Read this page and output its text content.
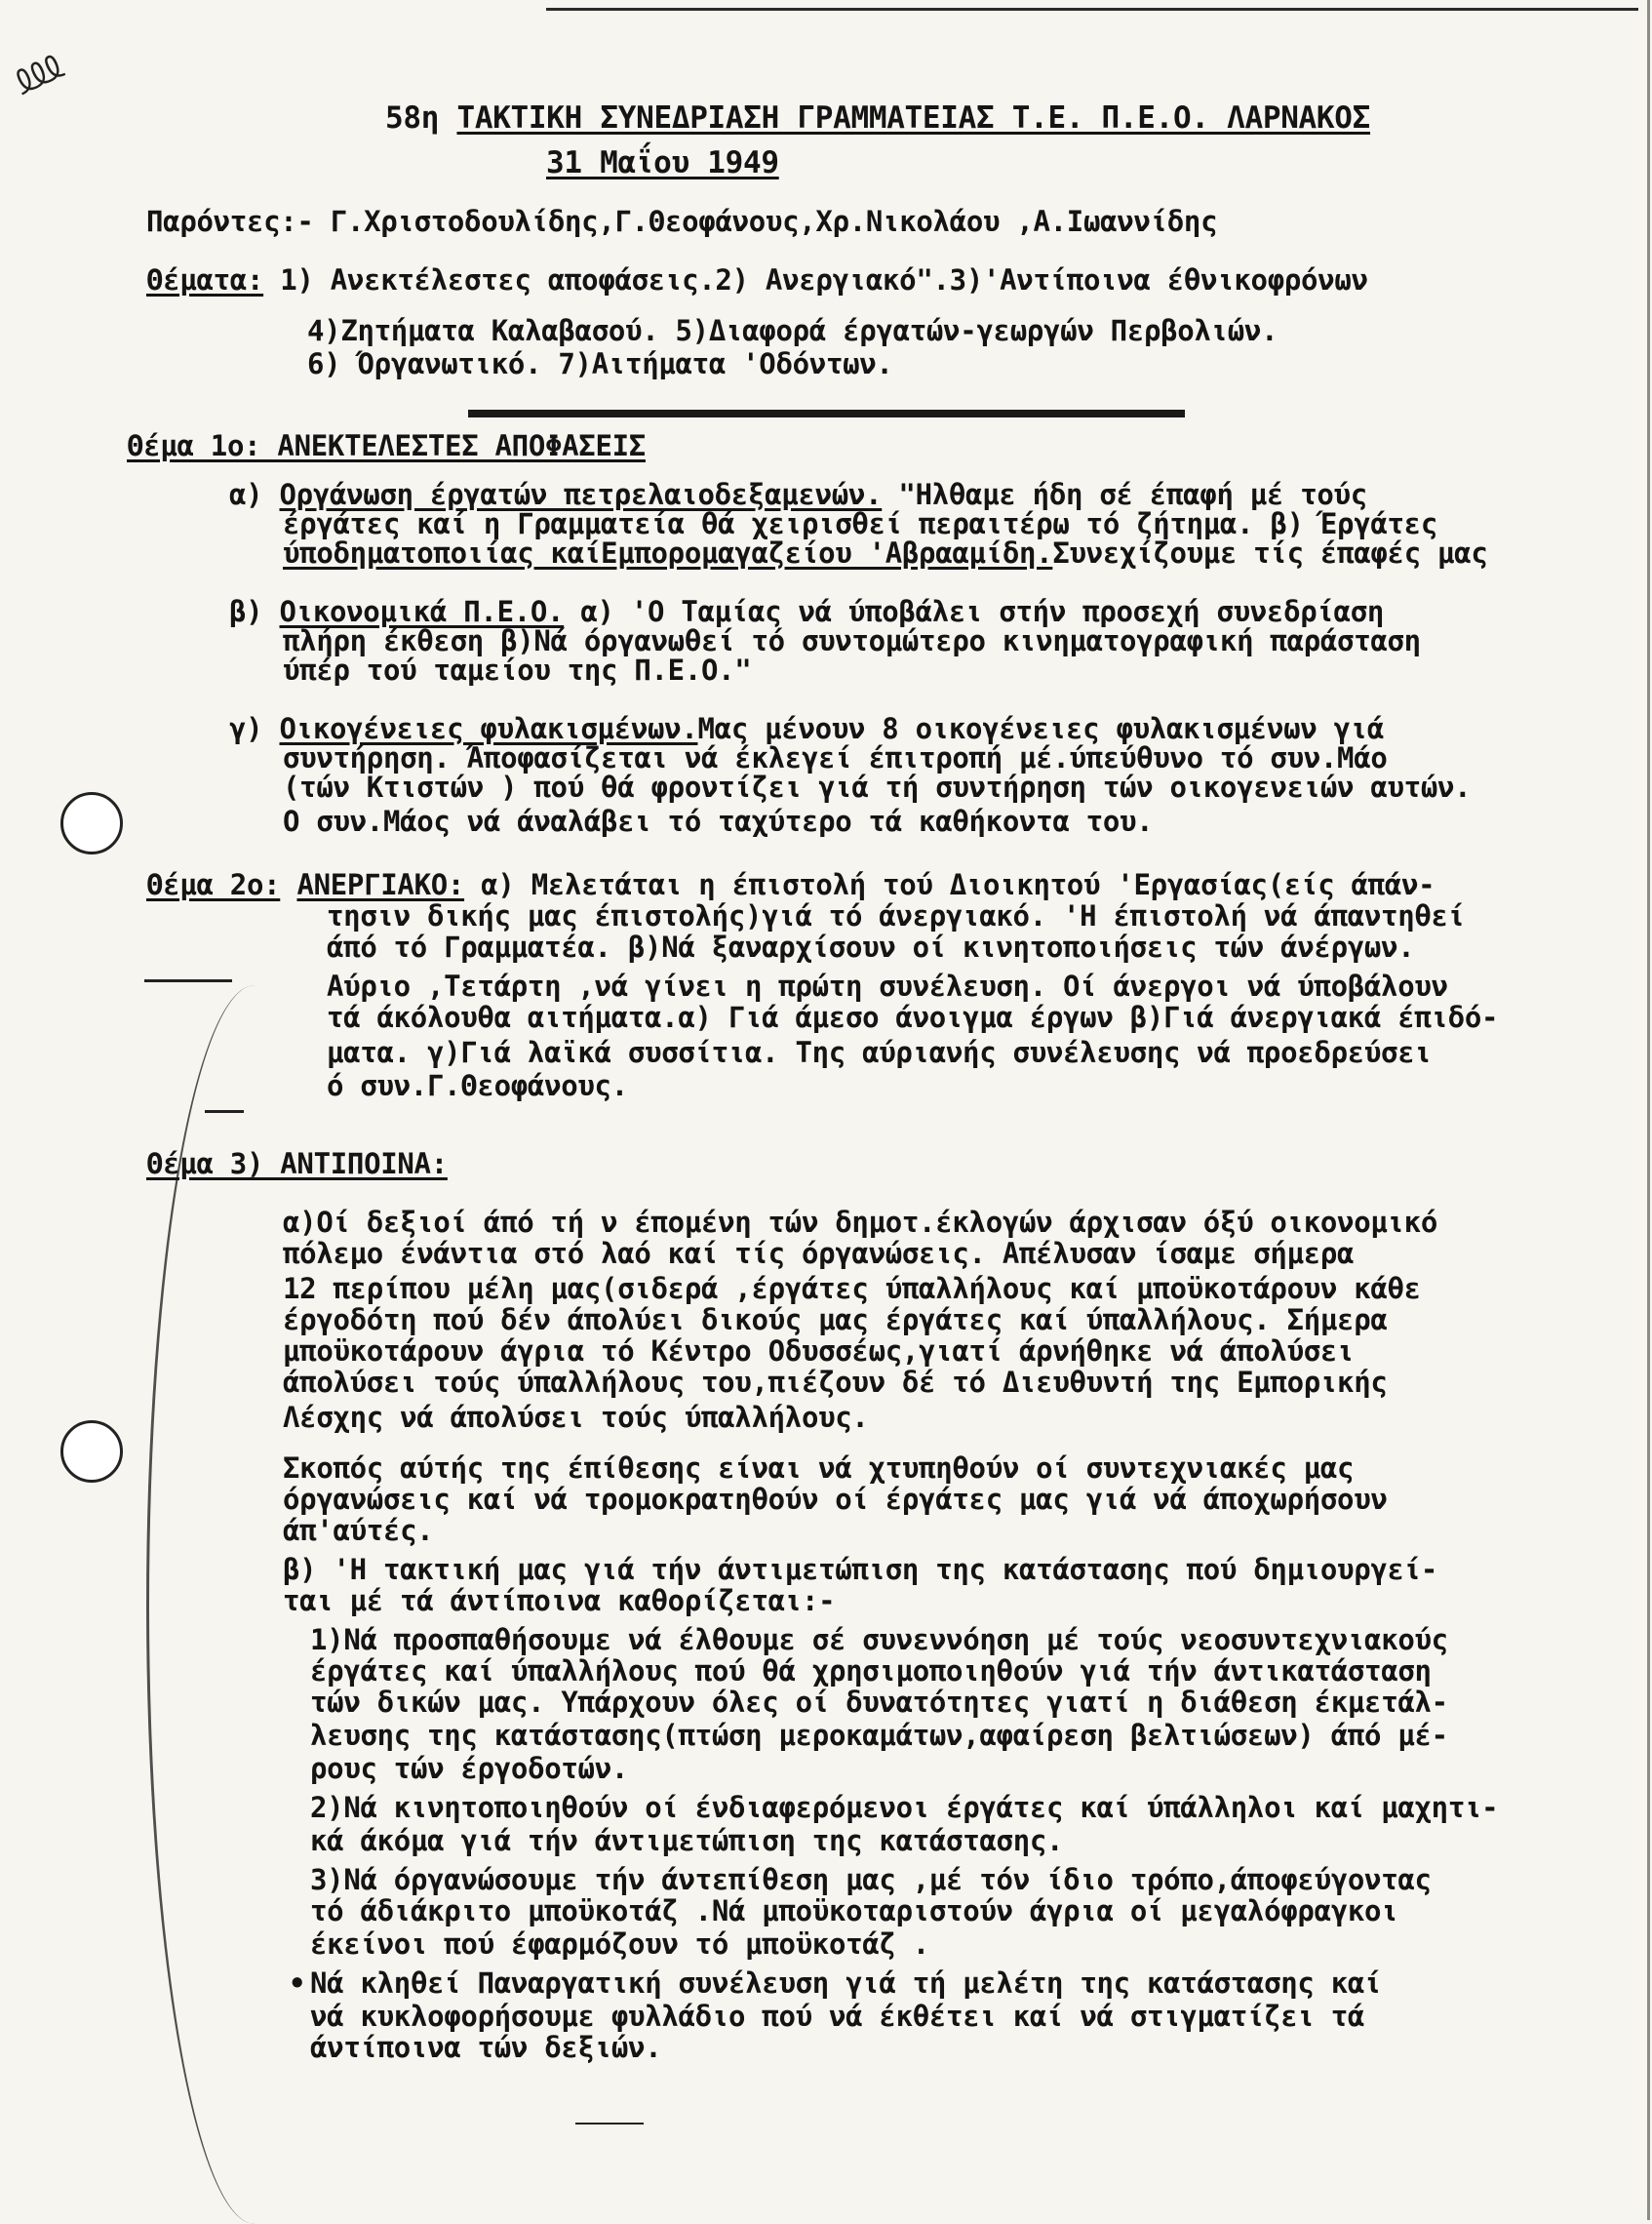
⅏
58η ΤΑΚΤΙΚΗ ΣΥΝΕΔΡΙΑΣΗ ΓΡΑΜΜΑΤΕΙΑΣ Τ.Ε. Π.Ε.Ο. ΛΑΡΝΑΚΟΣ
31 Μαΐου 1949
Παρόντες:- Γ.Χριστοδουλίδης,Γ.Θεοφάνους,Χρ.Νικολάου ,Α.Ιωαννίδης
Θέματα: 1) Ανεκτέλεστες αποφάσεις.2) Ανεργιακό".3)'Αντίποινα έθνικοφρόνων
4)Ζητήματα Καλαβασού. 5)Διαφορά έργατών-γεωργών Περβολιών.
6) Όργανωτικό. 7)Αιτήματα 'Οδόντων.
Θέμα 1ο: ΑΝΕΚΤΕΛΕΣΤΕΣ ΑΠΟΦΑΣΕΙΣ
α) Οργάνωση έργατών πετρελαιοδεξαμενών. "Ηλθαμε ήδη σέ έπαφή μέ τούς
έργάτες καί η Γραμματεία θά χειρισθεί περαιτέρω τό ζήτημα. β) Έργάτες
ύποδηματοποιίας καίΕμπορομαγαζείου 'Αβρααμίδη.Συνεχίζουμε τίς έπαφές μας
β) Οικονομικά Π.Ε.Ο. α) 'Ο Ταμίας νά ύποβάλει στήν προσεχή συνεδρίαση
πλήρη έκθεση β)Νά όργανωθεί τό συντομώτερο κινηματογραφική παράσταση
ύπέρ τού ταμείου της Π.Ε.Ο."
γ) Οικογένειες φυλακισμένων.Μας μένουν 8 οικογένειες φυλακισμένων γιά
συντήρηση. Άποφασίζεται νά έκλεγεί έπιτροπή μέ.ύπεύθυνο τό συν.Μάο
(τών Κτιστών ) πού θά φροντίζει γιά τή συντήρηση τών οικογενειών αυτών.
Ο συν.Μάος νά άναλάβει τό ταχύτερο τά καθήκοντα του.
Θέμα 2ο: ΑΝΕΡΓΙΑΚΟ: α) Μελετάται η έπιστολή τού Διοικητού 'Εργασίας(είς άπάν-
τησιν δικής μας έπιστολής)γιά τό άνεργιακό. 'Η έπιστολή νά άπαντηθεί
άπό τό Γραμματέα. β)Νά ξαναρχίσουν οί κινητοποιήσεις τών άνέργων.
Αύριο ,Τετάρτη ,νά γίνει η πρώτη συνέλευση. Οί άνεργοι νά ύποβάλουν
τά άκόλουθα αιτήματα.α) Γιά άμεσο άνοιγμα έργων β)Γιά άνεργιακά έπιδό-
ματα. γ)Γιά λαϊκά συσσίτια. Της αύριανής συνέλευσης νά προεδρεύσει
ό συν.Γ.Θεοφάνους.
Θέμα 3) ΑΝΤΙΠΟΙΝΑ:
α)Οί δεξιοί άπό τή ν έπομένη τών δημοτ.έκλογών άρχισαν όξύ οικονομικό
πόλεμο ένάντια στό λαό καί τίς όργανώσεις. Απέλυσαν ίσαμε σήμερα
12 περίπου μέλη μας(σιδερά ,έργάτες ύπαλλήλους καί μποϋκοτάρουν κάθε
έργοδότη πού δέν άπολύει δικούς μας έργάτες καί ύπαλλήλους. Σήμερα
μποϋκοτάρουν άγρια τό Κέντρο Οδυσσέως,γιατί άρνήθηκε νά άπολύσει
άπολύσει τούς ύπαλλήλους του,πιέζουν δέ τό Διευθυντή της Εμπορικής
Λέσχης νά άπολύσει τούς ύπαλλήλους.
Σκοπός αύτής της έπίθεσης είναι νά χτυπηθούν οί συντεχνιακές μας
όργανώσεις καί νά τρομοκρατηθούν οί έργάτες μας γιά νά άποχωρήσουν
άπ'αύτές.
β) 'Η τακτική μας γιά τήν άντιμετώπιση της κατάστασης πού δημιουργεί-
ται μέ τά άντίποινα καθορίζεται:-
1)Νά προσπαθήσουμε νά έλθουμε σέ συνεννόηση μέ τούς νεοσυντεχνιακούς
έργάτες καί ύπαλλήλους πού θά χρησιμοποιηθούν γιά τήν άντικατάσταση
τών δικών μας. Υπάρχουν όλες οί δυνατότητες γιατί η διάθεση έκμετάλ-
λευσης της κατάστασης(πτώση μεροκαμάτων,αφαίρεση βελτιώσεων) άπό μέ-
ρους τών έργοδοτών.
2)Νά κινητοποιηθούν οί ένδιαφερόμενοι έργάτες καί ύπάλληλοι καί μαχητι-
κά άκόμα γιά τήν άντιμετώπιση της κατάστασης.
3)Νά όργανώσουμε τήν άντεπίθεση μας ,μέ τόν ίδιο τρόπο,άποφεύγοντας
τό άδιάκριτο μποϋκοτάζ .Νά μποϋκοταριστούν άγρια οί μεγαλόφραγκοι
έκείνοι πού έφαρμόζουν τό μποϋκοτάζ .
• Νά κληθεί Παναργατική συνέλευση γιά τή μελέτη της κατάστασης καί
νά κυκλοφορήσουμε φυλλάδιο πού νά έκθέτει καί νά στιγματίζει τά
άντίποινα τών δεξιών.
